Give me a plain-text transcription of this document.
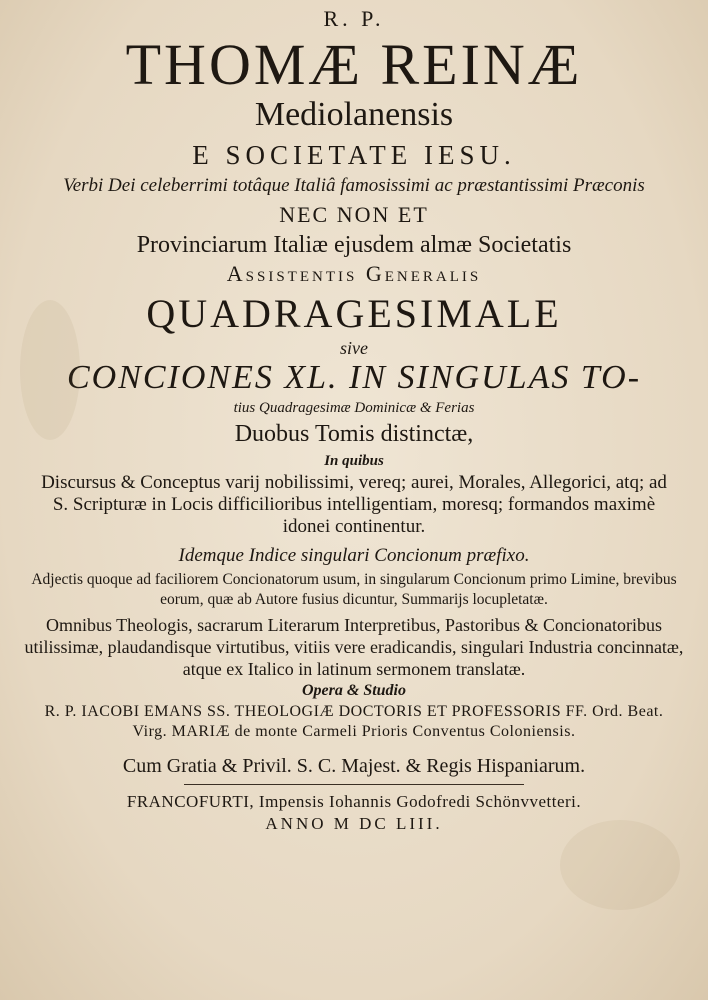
R. P.
THOMÆ REINÆ
Mediolanensis
E SOCIETATE IESU.
Verbi Dei celeberrimi totâque Italiâ famosissimi ac præstantissimi Præconis
NEC NON ET
Provinciarum Italiæ ejusdem almæ Societatis
Assistentis Generalis
QUADRAGESIMALE
sive
CONCIONES XL. IN SINGULAS TO-
tius Quadragesimæ Dominicæ & Ferias
Duobus Tomis distinctæ,
In quibus
Discursus & Conceptus varij nobilissimi, vereq; aurei, Morales, Allegorici, atq; ad S. Scripturæ in Locis difficilioribus intelligentiam, moresq; formandos maximè idonei continentur.
Idemque Indice singulari Concionum præfixo.
Adjectis quoque ad faciliorem Concionatorum usum, in singularum Concionum primo Limine, brevibus eorum, quæ ab Autore fusius dicuntur, Summarijs locupletatæ.
Omnibus Theologis, sacrarum Literarum Interpretibus, Pastoribus & Concionatoribus utilissimæ, plaudandisque virtutibus, vitiis vere eradicandis, singulari Industria concinnatæ, atque ex Italico in latinum sermonem translatæ.
Opera & Studio
R. P. IACOBI EMANS SS. THEOLOGIÆ DOCTORIS ET PROFESSORIS FF. Ord. Beat. Virg. MARIÆ de monte Carmeli Prioris Conventus Coloniensis.
Cum Gratia & Privil. S. C. Majest. & Regis Hispaniarum.
FRANCOFURTI, Impensis Iohannis Godofredi Schönvvetteri.
ANNO M DC LIII.
